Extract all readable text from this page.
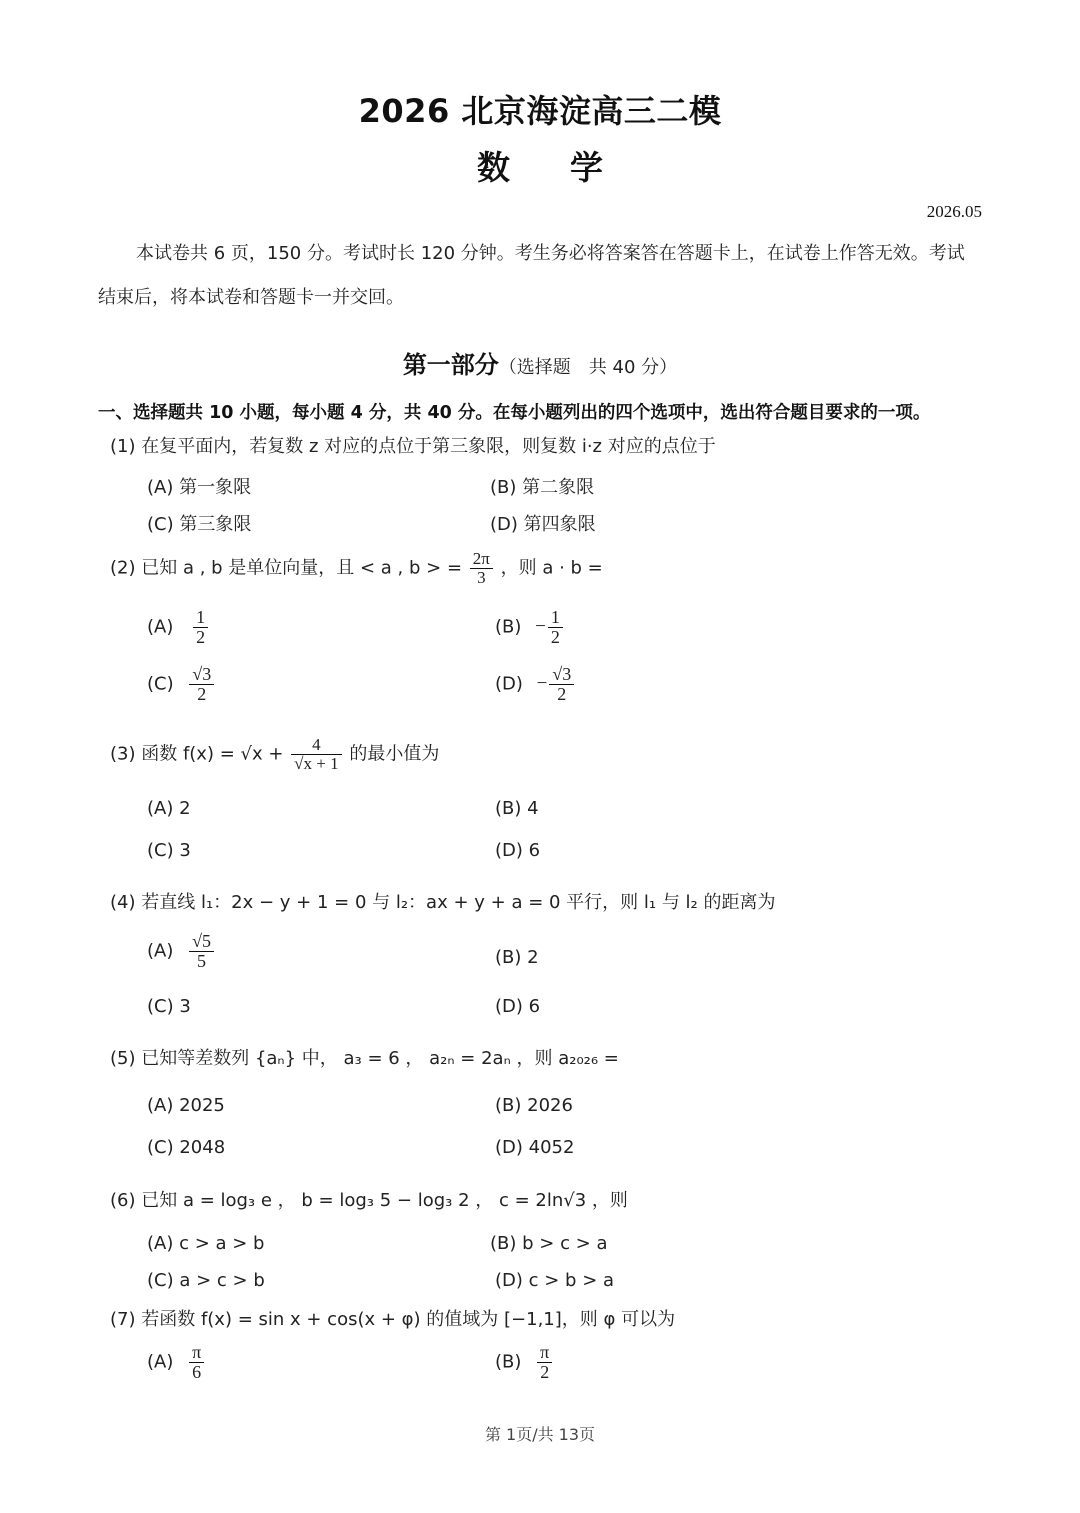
2026 北京海淀高三二模
数学
2026.05

本试卷共 6 页，150 分。考试时长 120 分钟。考生务必将答案答在答题卡上，在试卷上作答无效。考试

结束后，将本试卷和答题卡一并交回。
第一部分（选择题　共 40 分）
一、选择题共 10 小题，每小题 4 分，共 40 分。在每小题列出的四个选项中，选出符合题目要求的一项。
(1) 在复平面内，若复数 z 对应的点位于第三象限，则复数 i·z 对应的点位于
(A) 第一象限	(B) 第二象限
(C) 第三象限	(D) 第四象限
(2) 已知 a , b 是单位向量，且 < a , b > = $\frac{2\pi}{3}$ ，则 a · b =
$(A) \frac{1}{2}$	$(B) - \frac{1}{2}$
$(C) \frac{√3}{2}$	$(D) - \frac{√3}{2}$
(3) 函数 $f(x) = √x + \frac{4}{√x + 1}$ 的最小值为
(A) 2	(B) 4
(C) 3	(D) 6
(4) 若直线 l₁：2x − y + 1 = 0 与 l₂：ax + y + a = 0 平行，则 l₁ 与 l₂ 的距离为
$(A) \frac{√5}{5}$	(B) 2
(C) 3	(D) 6
(5) 已知等差数列 {aₙ} 中， a₃ = 6 ， a₂ₙ = 2aₙ ，则 a₂₀₂₆ =
(A) 2025	(B) 2026
(C) 2048	(D) 4052
(6) 已知 a = log₃ e ， b = log₃ 5 − log₃ 2 ， c = 2ln√3 ，则
(A) c > a > b	(B) b > c > a
(C) a > c > b	(D) c > b > a
(7) 若函数 f(x) = sin x + cos(x + φ) 的值域为 [−1,1]，则 φ 可以为
$(A) \frac{\pi}{6}$	$(B) \frac{\pi}{2}$
第 1页/共 13页
